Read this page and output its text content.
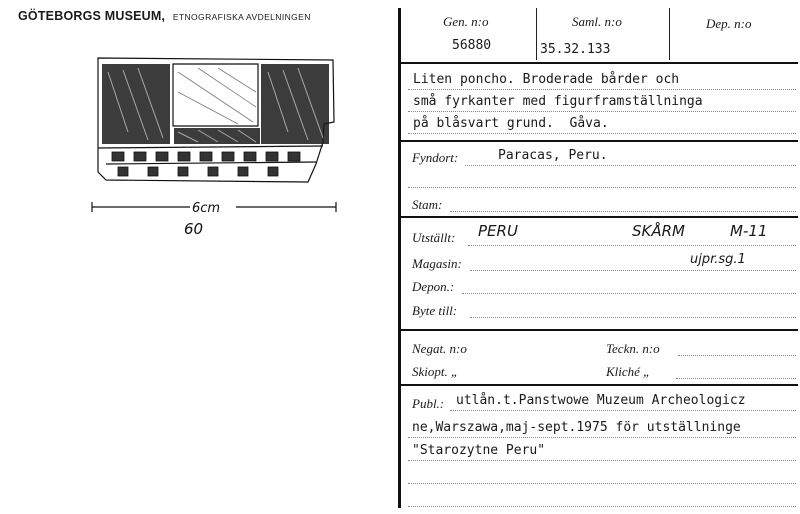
GÖTEBORGS MUSEUM, ETNOGRAFISKA AVDELNINGEN
6cm
60
Gen. n:o
56880
Saml. n:o
35.32.133
Dep. n:o
Liten poncho. Broderade bårder och
små fyrkanter med figurframställninga
på blåsvart grund.  Gåva.
Fyndort:	Paracas, Peru.
Stam:
Utställt: PERU	SKÅRM	M-11
Magasin:	ujpr.sg.1
Depon.:
Byte till:
Negat. n:o	Teckn. n:o
Skiopt. „	Kliché „
Publ.: utlån.t.Panstwowe Muzeum Archeologicz
ne,Warszawa,maj-sept.1975 för utställninge
"Starozytne Peru"
